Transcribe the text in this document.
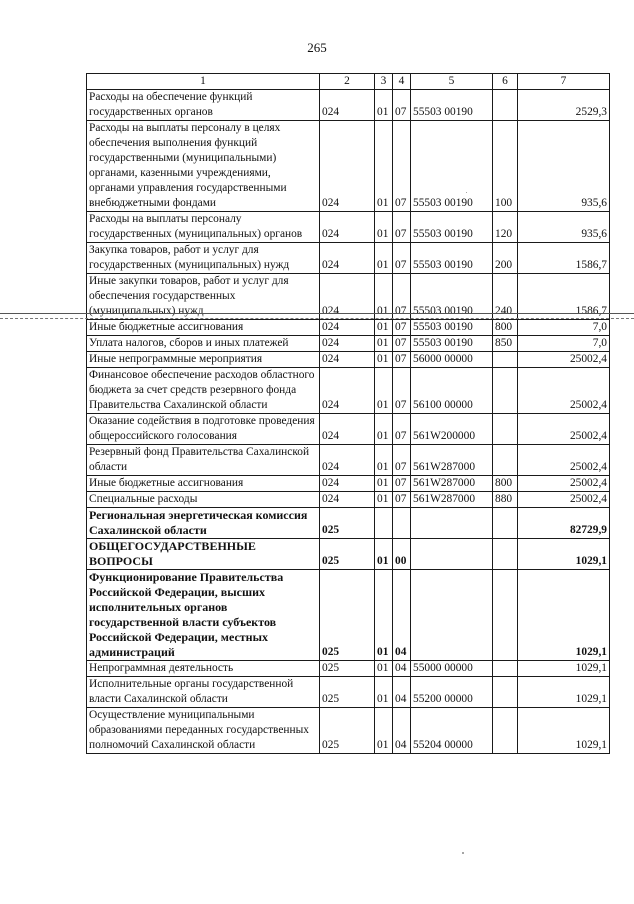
265
1	2	3	4	5	6	7
Расходы на обеспечение функций государственных органов	024	01	07	55503 00190		2529,3
Расходы на выплаты персоналу в целях обеспечения выполнения функций государственными (муниципальными) органами, казенными учреждениями, органами управления государственными внебюджетными фондами	024	01	07	55503 00190	100	935,6
Расходы на выплаты персоналу государственных (муниципальных) органов	024	01	07	55503 00190	120	935,6
Закупка товаров, работ и услуг для государственных (муниципальных) нужд	024	01	07	55503 00190	200	1586,7
Иные закупки товаров, работ и услуг для обеспечения государственных (муниципальных) нужд	024	01	07	55503 00190	240	1586,7
Иные бюджетные ассигнования	024	01	07	55503 00190	800	7,0
Уплата налогов, сборов и иных платежей	024	01	07	55503 00190	850	7,0
Иные непрограммные мероприятия	024	01	07	56000 00000		25002,4
Финансовое обеспечение расходов областного бюджета за счет средств резервного фонда Правительства Сахалинской области	024	01	07	56100 00000		25002,4
Оказание содействия в подготовке проведения общероссийского голосования	024	01	07	561W200000		25002,4
Резервный фонд Правительства Сахалинской области	024	01	07	561W287000		25002,4
Иные бюджетные ассигнования	024	01	07	561W287000	800	25002,4
Специальные расходы	024	01	07	561W287000	880	25002,4
Региональная энергетическая комиссия Сахалинской области	025					82729,9
ОБЩЕГОСУДАРСТВЕННЫЕ ВОПРОСЫ	025	01	00			1029,1
Функционирование Правительства Российской Федерации, высших исполнительных органов государственной власти субъектов Российской Федерации, местных администраций	025	01	04			1029,1
Непрограммная деятельность	025	01	04	55000 00000		1029,1
Исполнительные органы государственной власти Сахалинской области	025	01	04	55200 00000		1029,1
Осуществление муниципальными образованиями переданных государственных полномочий Сахалинской области	025	01	04	55204 00000		1029,1
